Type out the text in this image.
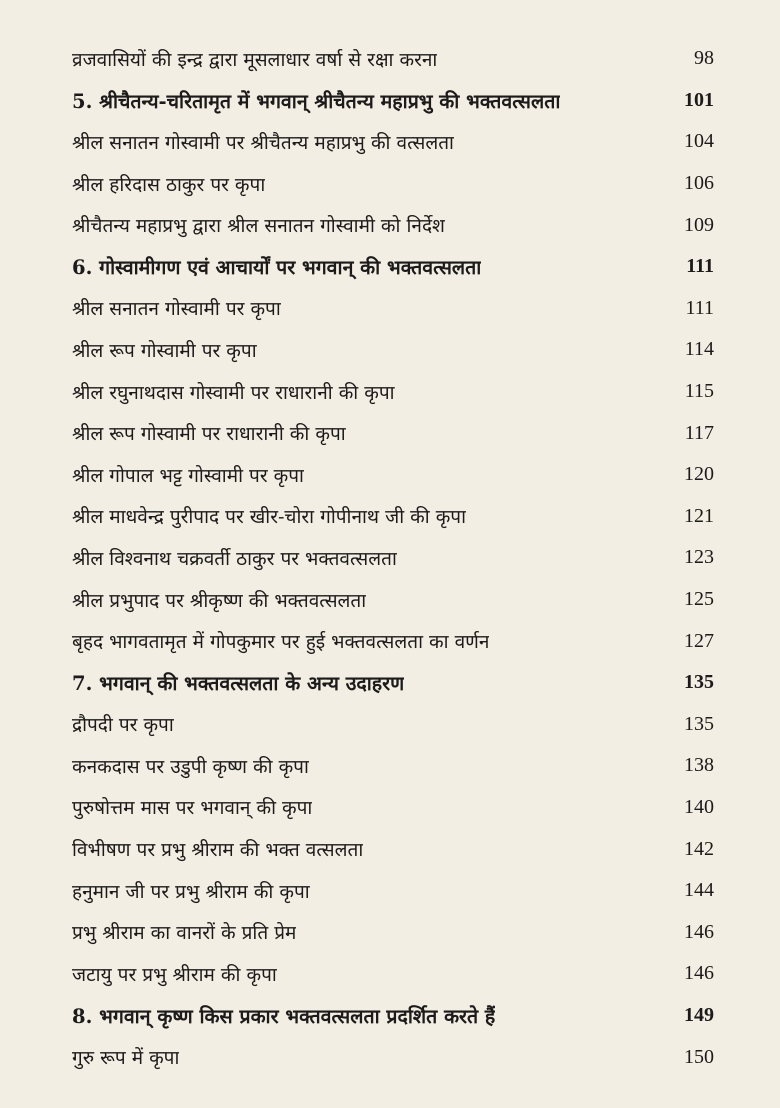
व्रजवासियों की इन्द्र द्वारा मूसलाधार वर्षा से रक्षा करना	98
5. श्रीचैतन्य-चरितामृत में भगवान् श्रीचैतन्य महाप्रभु की भक्तवत्सलता	101
श्रील सनातन गोस्वामी पर श्रीचैतन्य महाप्रभु की वत्सलता	104
श्रील हरिदास ठाकुर पर कृपा	106
श्रीचैतन्य महाप्रभु द्वारा श्रील सनातन गोस्वामी को निर्देश	109
6. गोस्वामीगण एवं आचार्यों पर भगवान् की भक्तवत्सलता	111
श्रील सनातन गोस्वामी पर कृपा	111
श्रील रूप गोस्वामी पर कृपा	114
श्रील रघुनाथदास गोस्वामी पर राधारानी की कृपा	115
श्रील रूप गोस्वामी पर राधारानी की कृपा	117
श्रील गोपाल भट्ट गोस्वामी पर कृपा	120
श्रील माधवेन्द्र पुरीपाद पर खीर-चोरा गोपीनाथ जी की कृपा	121
श्रील विश्वनाथ चक्रवर्ती ठाकुर पर भक्तवत्सलता	123
श्रील प्रभुपाद पर श्रीकृष्ण की भक्तवत्सलता	125
बृहद भागवतामृत में गोपकुमार पर हुई भक्तवत्सलता का वर्णन	127
7. भगवान् की भक्तवत्सलता के अन्य उदाहरण	135
द्रौपदी पर कृपा	135
कनकदास पर उडुपी कृष्ण की कृपा	138
पुरुषोत्तम मास पर भगवान् की कृपा	140
विभीषण पर प्रभु श्रीराम की भक्त वत्सलता	142
हनुमान जी पर प्रभु श्रीराम की कृपा	144
प्रभु श्रीराम का वानरों के प्रति प्रेम	146
जटायु पर प्रभु श्रीराम की कृपा	146
8. भगवान् कृष्ण किस प्रकार भक्तवत्सलता प्रदर्शित करते हैं	149
गुरु रूप में कृपा	150
